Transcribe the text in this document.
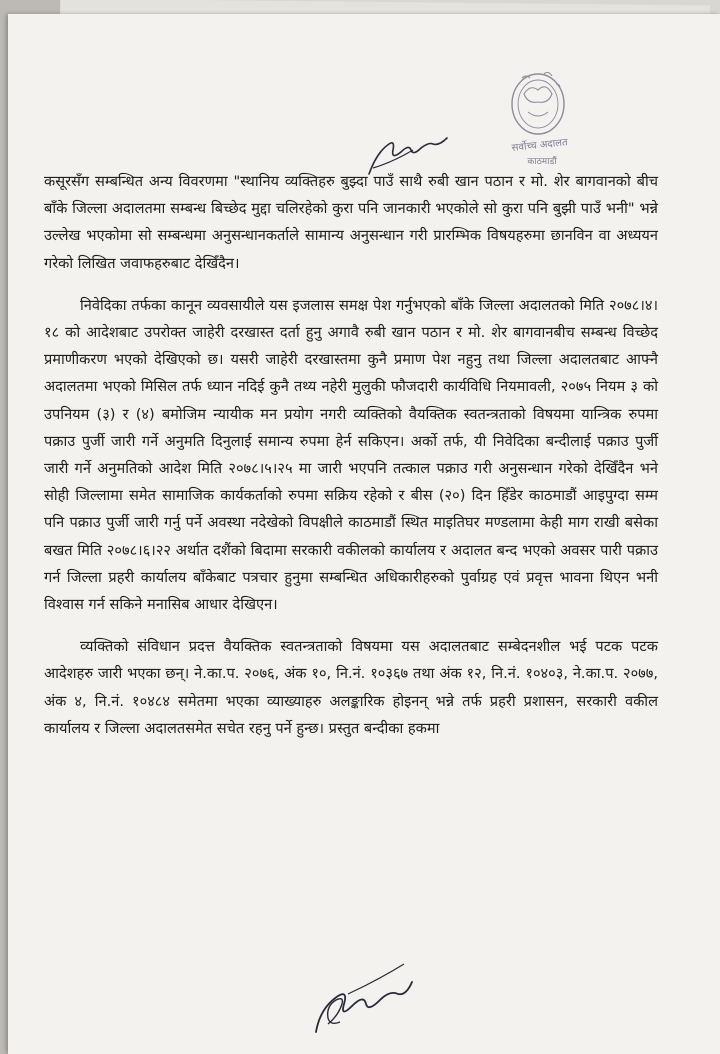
सर्वोच्च अदालत
काठमाडौं

कसूरसँग सम्बन्धित अन्य विवरणमा "स्थानिय व्यक्तिहरु बुझ्दा पाउँ साथै रुबी खान पठान र मो. शेर बागवानको बीच बाँके जिल्ला अदालतमा सम्बन्ध बिच्छेद मुद्दा चलिरहेको कुरा पनि जानकारी भएकोले सो कुरा पनि बुझी पाउँ भनी" भन्ने उल्लेख भएकोमा सो सम्बन्धमा अनुसन्धानकर्ताले सामान्य अनुसन्धान गरी प्रारम्भिक विषयहरुमा छानविन वा अध्ययन गरेको लिखित जवाफहरुबाट देखिँदैन।

निवेदिका तर्फका कानून व्यवसायीले यस इजलास समक्ष पेश गर्नुभएको बाँके जिल्ला अदालतको मिति २०७८।४।१८ को आदेशबाट उपरोक्त जाहेरी दरखास्त दर्ता हुनु अगावै रुबी खान पठान र मो. शेर बागवानबीच सम्बन्ध विच्छेद प्रमाणीकरण भएको देखिएको छ। यसरी जाहेरी दरखास्तमा कुनै प्रमाण पेश नहुनु तथा जिल्ला अदालतबाट आफ्नै अदालतमा भएको मिसिल तर्फ ध्यान नदिई कुनै तथ्य नहेरी मुलुकी फौजदारी कार्यविधि नियमावली, २०७५ नियम ३ को उपनियम (३) र (४) बमोजिम न्यायीक मन प्रयोग नगरी व्यक्तिको वैयक्तिक स्वतन्त्रताको विषयमा यान्त्रिक रुपमा पक्राउ पुर्जी जारी गर्ने अनुमति दिनुलाई समान्य रुपमा हेर्न सकिएन। अर्को तर्फ, यी निवेदिका बन्दीलाई पक्राउ पुर्जी जारी गर्ने अनुमतिको आदेश मिति २०७८।५।२५ मा जारी भएपनि तत्काल पक्राउ गरी अनुसन्धान गरेको देखिँदैन भने सोही जिल्लामा समेत सामाजिक कार्यकर्ताको रुपमा सक्रिय रहेको र बीस (२०) दिन हिँडेर काठमाडौं आइपुग्दा सम्म पनि पक्राउ पुर्जी जारी गर्नु पर्ने अवस्था नदेखेको विपक्षीले काठमाडौं स्थित माइतिघर मण्डलामा केही माग राखी बसेका बखत मिति २०७८।६।२२ अर्थात दशैंको बिदामा सरकारी वकीलको कार्यालय र अदालत बन्द भएको अवसर पारी पक्राउ गर्न जिल्ला प्रहरी कार्यालय बाँकेबाट पत्रचार हुनुमा सम्बन्धित अधिकारीहरुको पुर्वाग्रह एवं प्रवृत्त भावना थिएन भनी विश्वास गर्न सकिने मनासिब आधार देखिएन।

व्यक्तिको संविधान प्रदत्त वैयक्तिक स्वतन्त्रताको विषयमा यस अदालतबाट सम्बेदनशील भई पटक पटक आदेशहरु जारी भएका छन्। ने.का.प. २०७६, अंक १०, नि.नं. १०३६७ तथा अंक १२, नि.नं. १०४०३, ने.का.प. २०७७, अंक ४, नि.नं. १०४८४ समेतमा भएका व्याख्याहरु अलङ्कारिक होइनन् भन्ने तर्फ प्रहरी प्रशासन, सरकारी वकील कार्यालय र जिल्ला अदालतसमेत सचेत रहनु पर्ने हुन्छ। प्रस्तुत बन्दीका हकमा
